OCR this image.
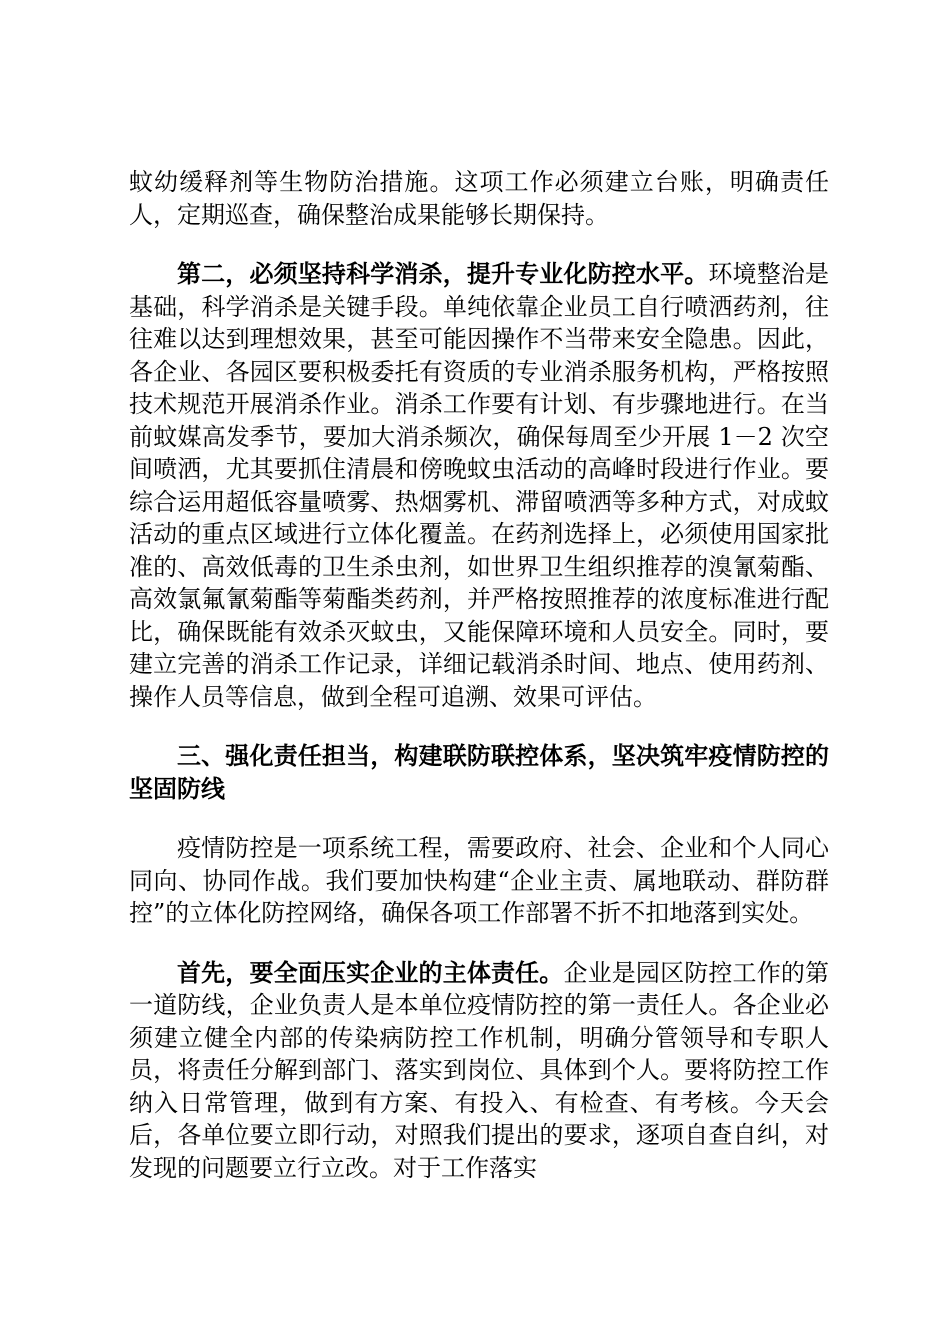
蚊幼缓释剂等生物防治措施。这项工作必须建立台账，明确责任人，定期巡查，确保整治成果能够长期保持。

第二，必须坚持科学消杀，提升专业化防控水平。环境整治是基础，科学消杀是关键手段。单纯依靠企业员工自行喷洒药剂，往往难以达到理想效果，甚至可能因操作不当带来安全隐患。因此，各企业、各园区要积极委托有资质的专业消杀服务机构，严格按照技术规范开展消杀作业。消杀工作要有计划、有步骤地进行。在当前蚊媒高发季节，要加大消杀频次，确保每周至少开展 1－2 次空间喷洒，尤其要抓住清晨和傍晚蚊虫活动的高峰时段进行作业。要综合运用超低容量喷雾、热烟雾机、滞留喷洒等多种方式，对成蚊活动的重点区域进行立体化覆盖。在药剂选择上，必须使用国家批准的、高效低毒的卫生杀虫剂，如世界卫生组织推荐的溴氰菊酯、高效氯氟氰菊酯等菊酯类药剂，并严格按照推荐的浓度标准进行配比，确保既能有效杀灭蚊虫，又能保障环境和人员安全。同时，要建立完善的消杀工作记录，详细记载消杀时间、地点、使用药剂、操作人员等信息，做到全程可追溯、效果可评估。

三、强化责任担当，构建联防联控体系，坚决筑牢疫情防控的坚固防线

疫情防控是一项系统工程，需要政府、社会、企业和个人同心同向、协同作战。我们要加快构建“企业主责、属地联动、群防群控”的立体化防控网络，确保各项工作部署不折不扣地落到实处。

首先，要全面压实企业的主体责任。企业是园区防控工作的第一道防线，企业负责人是本单位疫情防控的第一责任人。各企业必须建立健全内部的传染病防控工作机制，明确分管领导和专职人员，将责任分解到部门、落实到岗位、具体到个人。要将防控工作纳入日常管理，做到有方案、有投入、有检查、有考核。今天会后，各单位要立即行动，对照我们提出的要求，逐项自查自纠，对发现的问题要立行立改。对于工作落实
